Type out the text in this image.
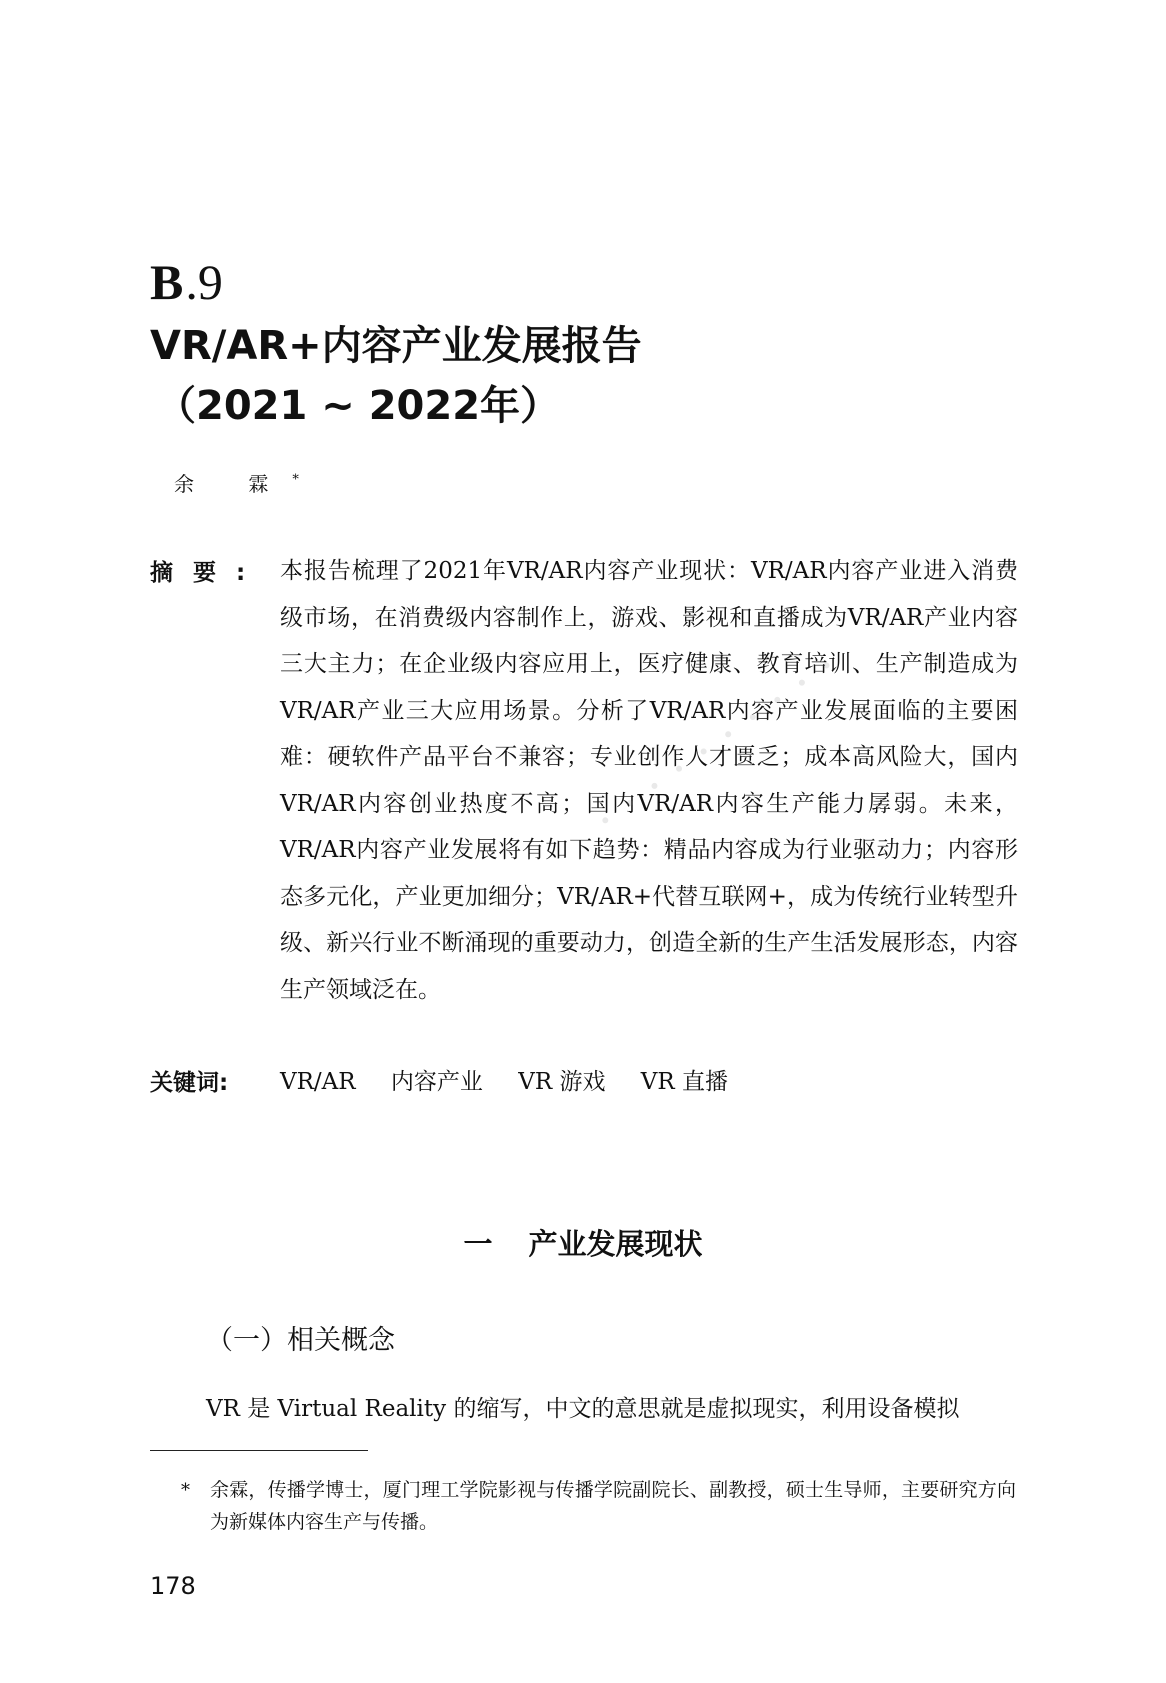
B.9
VR/AR+内容产业发展报告
（2021 ~ 2022年）
余 霖*
摘要: 本报告梳理了2021年VR/AR内容产业现状：VR/AR内容产业进入消费级市场，在消费级内容制作上，游戏、影视和直播成为VR/AR产业内容三大主力；在企业级内容应用上，医疗健康、教育培训、生产制造成为VR/AR产业三大应用场景。分析了VR/AR内容产业发展面临的主要困难：硬软件产品平台不兼容；专业创作人才匮乏；成本高风险大，国内VR/AR内容创业热度不高；国内VR/AR内容生产能力孱弱。未来，VR/AR内容产业发展将有如下趋势：精品内容成为行业驱动力；内容形态多元化，产业更加细分；VR/AR+代替互联网+，成为传统行业转型升级、新兴行业不断涌现的重要动力，创造全新的生产生活发展形态，内容生产领域泛在。
关键词: VR/AR 内容产业 VR 游戏 VR 直播
一 产业发展现状
（一）相关概念
VR 是 Virtual Reality 的缩写，中文的意思就是虚拟现实，利用设备模拟
* 余霖，传播学博士，厦门理工学院影视与传播学院副院长、副教授，硕士生导师，主要研究方向为新媒体内容生产与传播。
178
